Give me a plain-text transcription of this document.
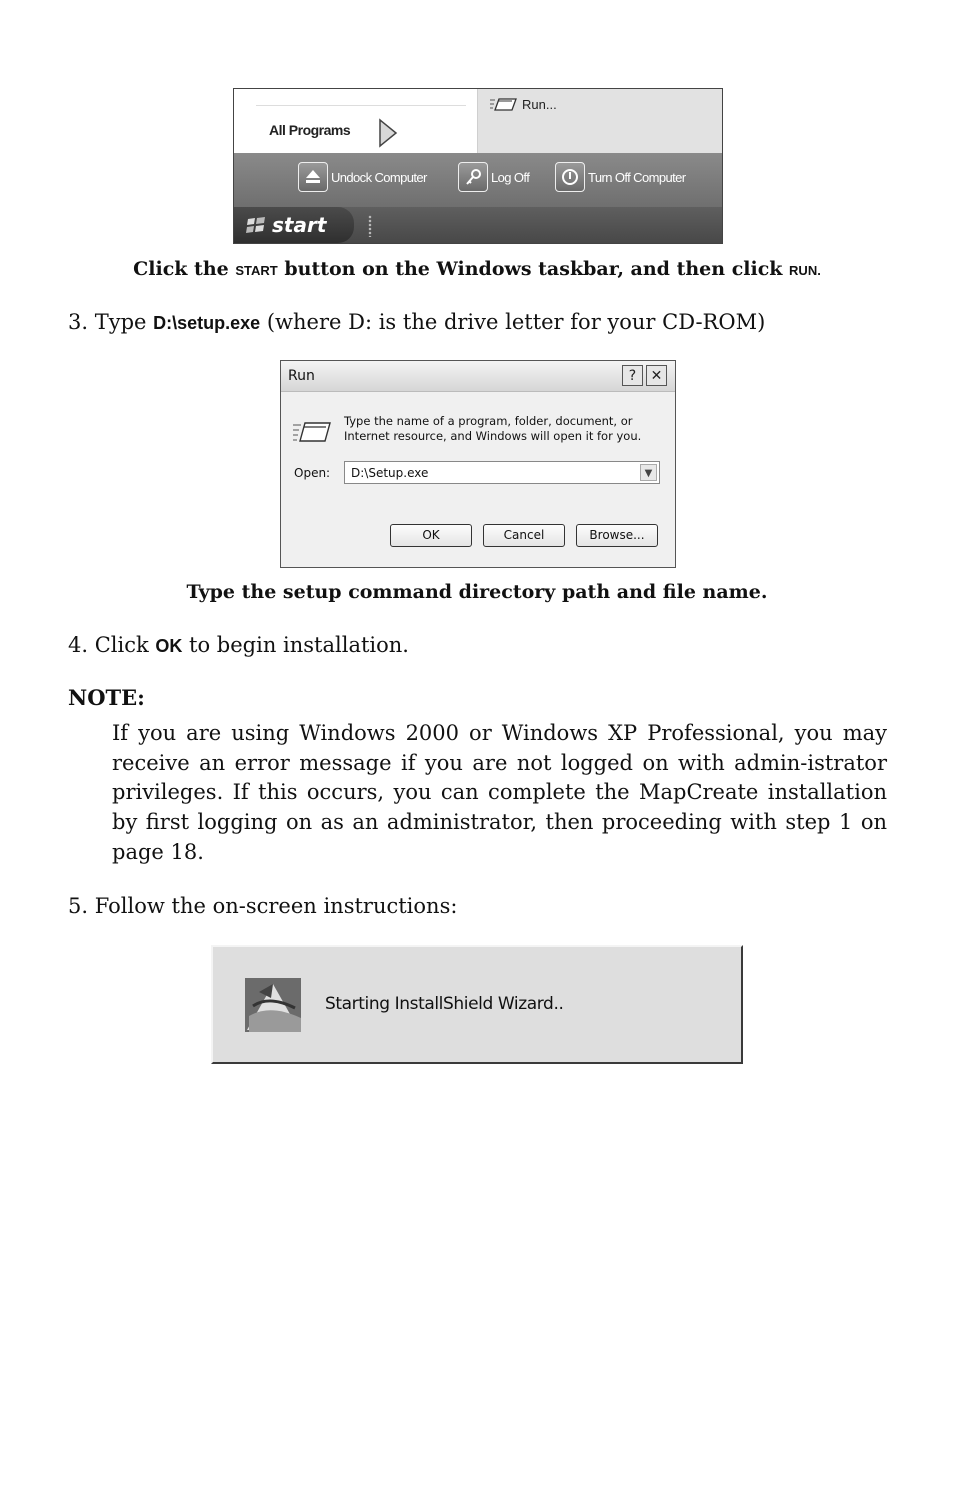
All Programs
Run...
Undock Computer	Log Off	Turn Off Computer
start
Click the START button on the Windows taskbar, and then click RUN.
3. Type D:\setup.exe (where D: is the drive letter for your CD-ROM)
Run	?	✕
Type the name of a program, folder, document, or
Internet resource, and Windows will open it for you.
Open: D:\Setup.exe	▼
OK	Cancel	Browse...
Type the setup command directory path and file name.
4. Click OK to begin installation.
NOTE:
If you are using Windows 2000 or Windows XP Professional, you may receive an error message if you are not logged on with admin-istrator privileges. If this occurs, you can complete the MapCreate installation by first logging on as an administrator, then proceeding with step 1 on page 18.
5. Follow the on-screen instructions:
Starting InstallShield Wizard..
